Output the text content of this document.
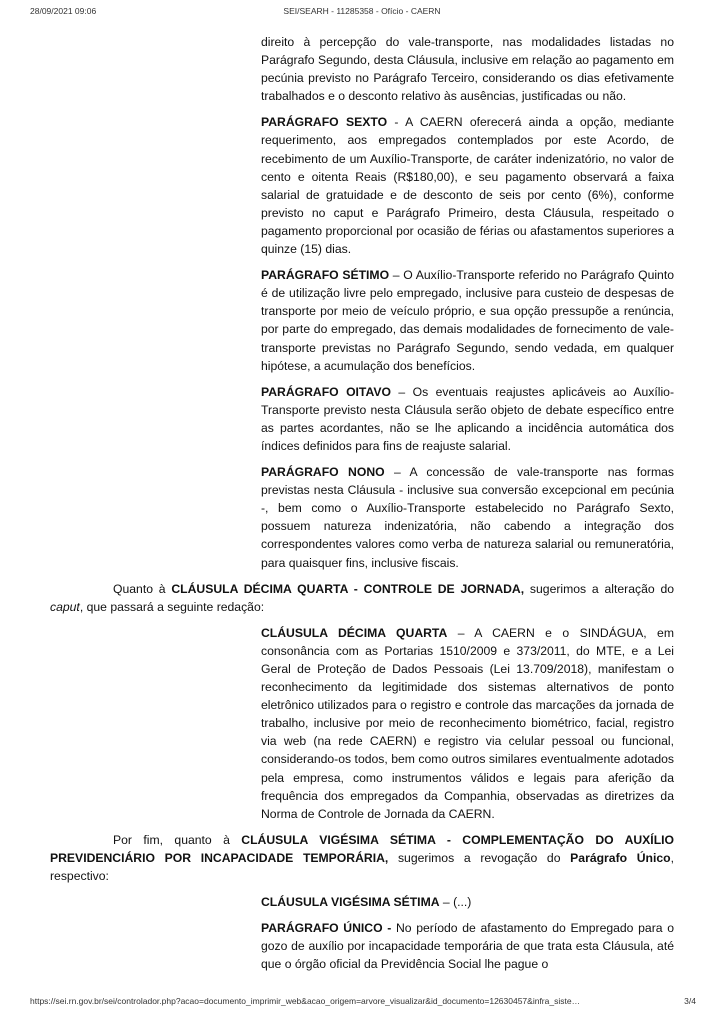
28/09/2021 09:06	SEI/SEARH - 11285358 - Ofício - CAERN

direito à percepção do vale-transporte, nas modalidades listadas no Parágrafo Segundo, desta Cláusula, inclusive em relação ao pagamento em pecúnia previsto no Parágrafo Terceiro, considerando os dias efetivamente trabalhados e o desconto relativo às ausências, justificadas ou não.

PARÁGRAFO SEXTO - A CAERN oferecerá ainda a opção, mediante requerimento, aos empregados contemplados por este Acordo, de recebimento de um Auxílio-Transporte, de caráter indenizatório, no valor de cento e oitenta Reais (R$180,00), e seu pagamento observará a faixa salarial de gratuidade e de desconto de seis por cento (6%), conforme previsto no caput e Parágrafo Primeiro, desta Cláusula, respeitado o pagamento proporcional por ocasião de férias ou afastamentos superiores a quinze (15) dias.

PARÁGRAFO SÉTIMO – O Auxílio-Transporte referido no Parágrafo Quinto é de utilização livre pelo empregado, inclusive para custeio de despesas de transporte por meio de veículo próprio, e sua opção pressupõe a renúncia, por parte do empregado, das demais modalidades de fornecimento de vale-transporte previstas no Parágrafo Segundo, sendo vedada, em qualquer hipótese, a acumulação dos benefícios.

PARÁGRAFO OITAVO – Os eventuais reajustes aplicáveis ao Auxílio-Transporte previsto nesta Cláusula serão objeto de debate específico entre as partes acordantes, não se lhe aplicando a incidência automática dos índices definidos para fins de reajuste salarial.

PARÁGRAFO NONO – A concessão de vale-transporte nas formas previstas nesta Cláusula - inclusive sua conversão excepcional em pecúnia -, bem como o Auxílio-Transporte estabelecido no Parágrafo Sexto, possuem natureza indenizatória, não cabendo a integração dos correspondentes valores como verba de natureza salarial ou remuneratória, para quaisquer fins, inclusive fiscais.

Quanto à CLÁUSULA DÉCIMA QUARTA - CONTROLE DE JORNADA, sugerimos a alteração do caput, que passará a seguinte redação:

CLÁUSULA DÉCIMA QUARTA – A CAERN e o SINDÁGUA, em consonância com as Portarias 1510/2009 e 373/2011, do MTE, e a Lei Geral de Proteção de Dados Pessoais (Lei 13.709/2018), manifestam o reconhecimento da legitimidade dos sistemas alternativos de ponto eletrônico utilizados para o registro e controle das marcações da jornada de trabalho, inclusive por meio de reconhecimento biométrico, facial, registro via web (na rede CAERN) e registro via celular pessoal ou funcional, considerando-os todos, bem como outros similares eventualmente adotados pela empresa, como instrumentos válidos e legais para aferição da frequência dos empregados da Companhia, observadas as diretrizes da Norma de Controle de Jornada da CAERN.

Por fim, quanto à CLÁUSULA VIGÉSIMA SÉTIMA - COMPLEMENTAÇÃO DO AUXÍLIO PREVIDENCIÁRIO POR INCAPACIDADE TEMPORÁRIA, sugerimos a revogação do Parágrafo Único, respectivo:

CLÁUSULA VIGÉSIMA SÉTIMA – (...)

PARÁGRAFO ÚNICO - No período de afastamento do Empregado para o gozo de auxílio por incapacidade temporária de que trata esta Cláusula, até que o órgão oficial da Previdência Social lhe pague o

https://sei.rn.gov.br/sei/controlador.php?acao=documento_imprimir_web&acao_origem=arvore_visualizar&id_documento=12630457&infra_siste…	3/4
